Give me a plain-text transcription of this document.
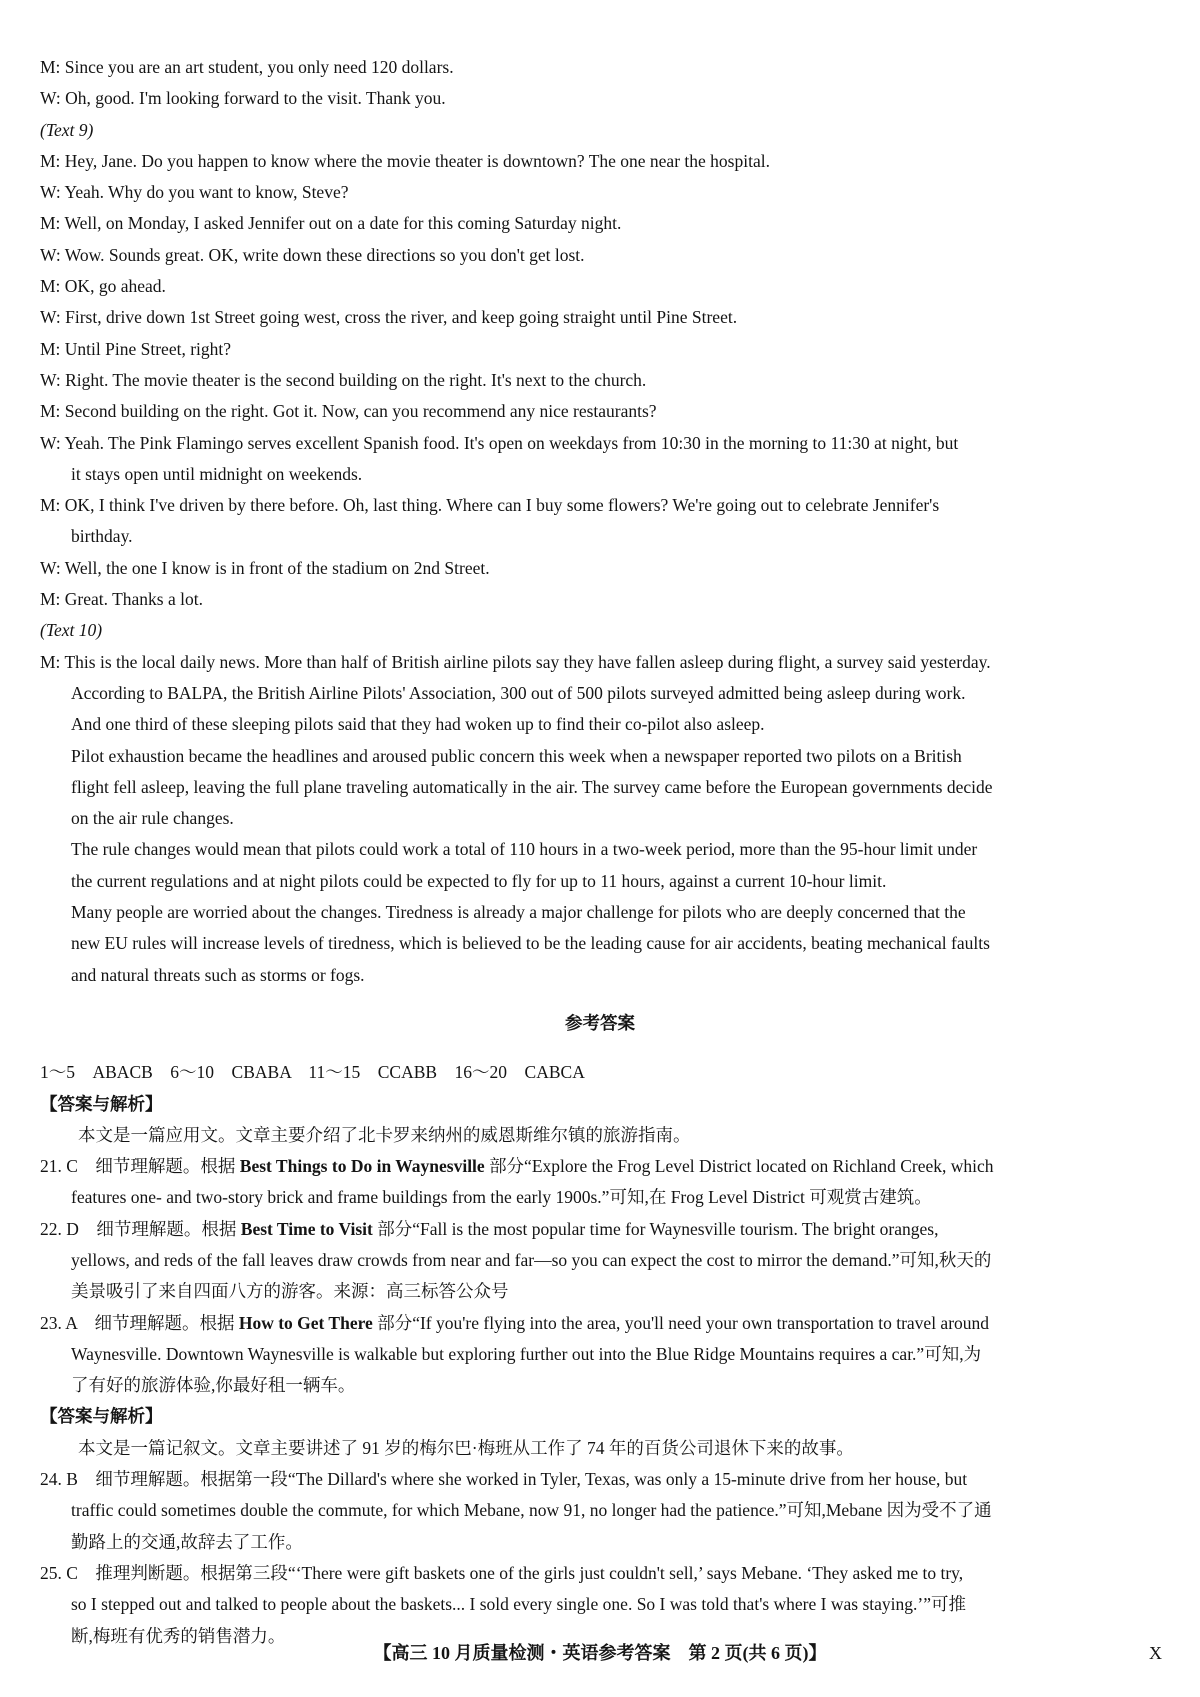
M: Since you are an art student, you only need 120 dollars.

W: Oh, good. I'm looking forward to the visit. Thank you.

(Text 9)

M: Hey, Jane. Do you happen to know where the movie theater is downtown? The one near the hospital.

W: Yeah. Why do you want to know, Steve?

M: Well, on Monday, I asked Jennifer out on a date for this coming Saturday night.

W: Wow. Sounds great. OK, write down these directions so you don't get lost.

M: OK, go ahead.

W: First, drive down 1st Street going west, cross the river, and keep going straight until Pine Street.

M: Until Pine Street, right?

W: Right. The movie theater is the second building on the right. It's next to the church.

M: Second building on the right. Got it. Now, can you recommend any nice restaurants?

W: Yeah. The Pink Flamingo serves excellent Spanish food. It's open on weekdays from 10:30 in the morning to 11:30 at night, but

it stays open until midnight on weekends.

M: OK, I think I've driven by there before. Oh, last thing. Where can I buy some flowers? We're going out to celebrate Jennifer's

birthday.

W: Well, the one I know is in front of the stadium on 2nd Street.

M: Great. Thanks a lot.

(Text 10)

M: This is the local daily news. More than half of British airline pilots say they have fallen asleep during flight, a survey said yesterday.

According to BALPA, the British Airline Pilots' Association, 300 out of 500 pilots surveyed admitted being asleep during work.

And one third of these sleeping pilots said that they had woken up to find their co-pilot also asleep.

Pilot exhaustion became the headlines and aroused public concern this week when a newspaper reported two pilots on a British

flight fell asleep, leaving the full plane traveling automatically in the air. The survey came before the European governments decide

on the air rule changes.

The rule changes would mean that pilots could work a total of 110 hours in a two-week period, more than the 95-hour limit under

the current regulations and at night pilots could be expected to fly for up to 11 hours, against a current 10-hour limit.

Many people are worried about the changes. Tiredness is already a major challenge for pilots who are deeply concerned that the

new EU rules will increase levels of tiredness, which is believed to be the leading cause for air accidents, beating mechanical faults

and natural threats such as storms or fogs.

参考答案

1～5　ABACB　6～10　CBABA　11～15　CCABB　16～20　CABCA

【答案与解析】

本文是一篇应用文。文章主要介绍了北卡罗来纳州的威恩斯维尔镇的旅游指南。

21. C　细节理解题。根据 Best Things to Do in Waynesville 部分“Explore the Frog Level District located on Richland Creek, which

features one- and two-story brick and frame buildings from the early 1900s.”可知,在 Frog Level District 可观赏古建筑。

22. D　细节理解题。根据 Best Time to Visit 部分“Fall is the most popular time for Waynesville tourism. The bright oranges,

yellows, and reds of the fall leaves draw crowds from near and far—so you can expect the cost to mirror the demand.”可知,秋天的

美景吸引了来自四面八方的游客。来源：高三标答公众号

23. A　细节理解题。根据 How to Get There 部分“If you're flying into the area, you'll need your own transportation to travel around

Waynesville. Downtown Waynesville is walkable but exploring further out into the Blue Ridge Mountains requires a car.”可知,为

了有好的旅游体验,你最好租一辆车。

【答案与解析】

本文是一篇记叙文。文章主要讲述了 91 岁的梅尔巴·梅班从工作了 74 年的百货公司退休下来的故事。

24. B　细节理解题。根据第一段“The Dillard's where she worked in Tyler, Texas, was only a 15-minute drive from her house, but

traffic could sometimes double the commute, for which Mebane, now 91, no longer had the patience.”可知,Mebane 因为受不了通

勤路上的交通,故辞去了工作。

25. C　推理判断题。根据第三段“‘There were gift baskets one of the girls just couldn't sell,’ says Mebane. ‘They asked me to try,

so I stepped out and talked to people about the baskets... I sold every single one. So I was told that's where I was staying.’”可推

断,梅班有优秀的销售潜力。

【高三 10 月质量检测・英语参考答案　第 2 页(共 6 页)】	X
